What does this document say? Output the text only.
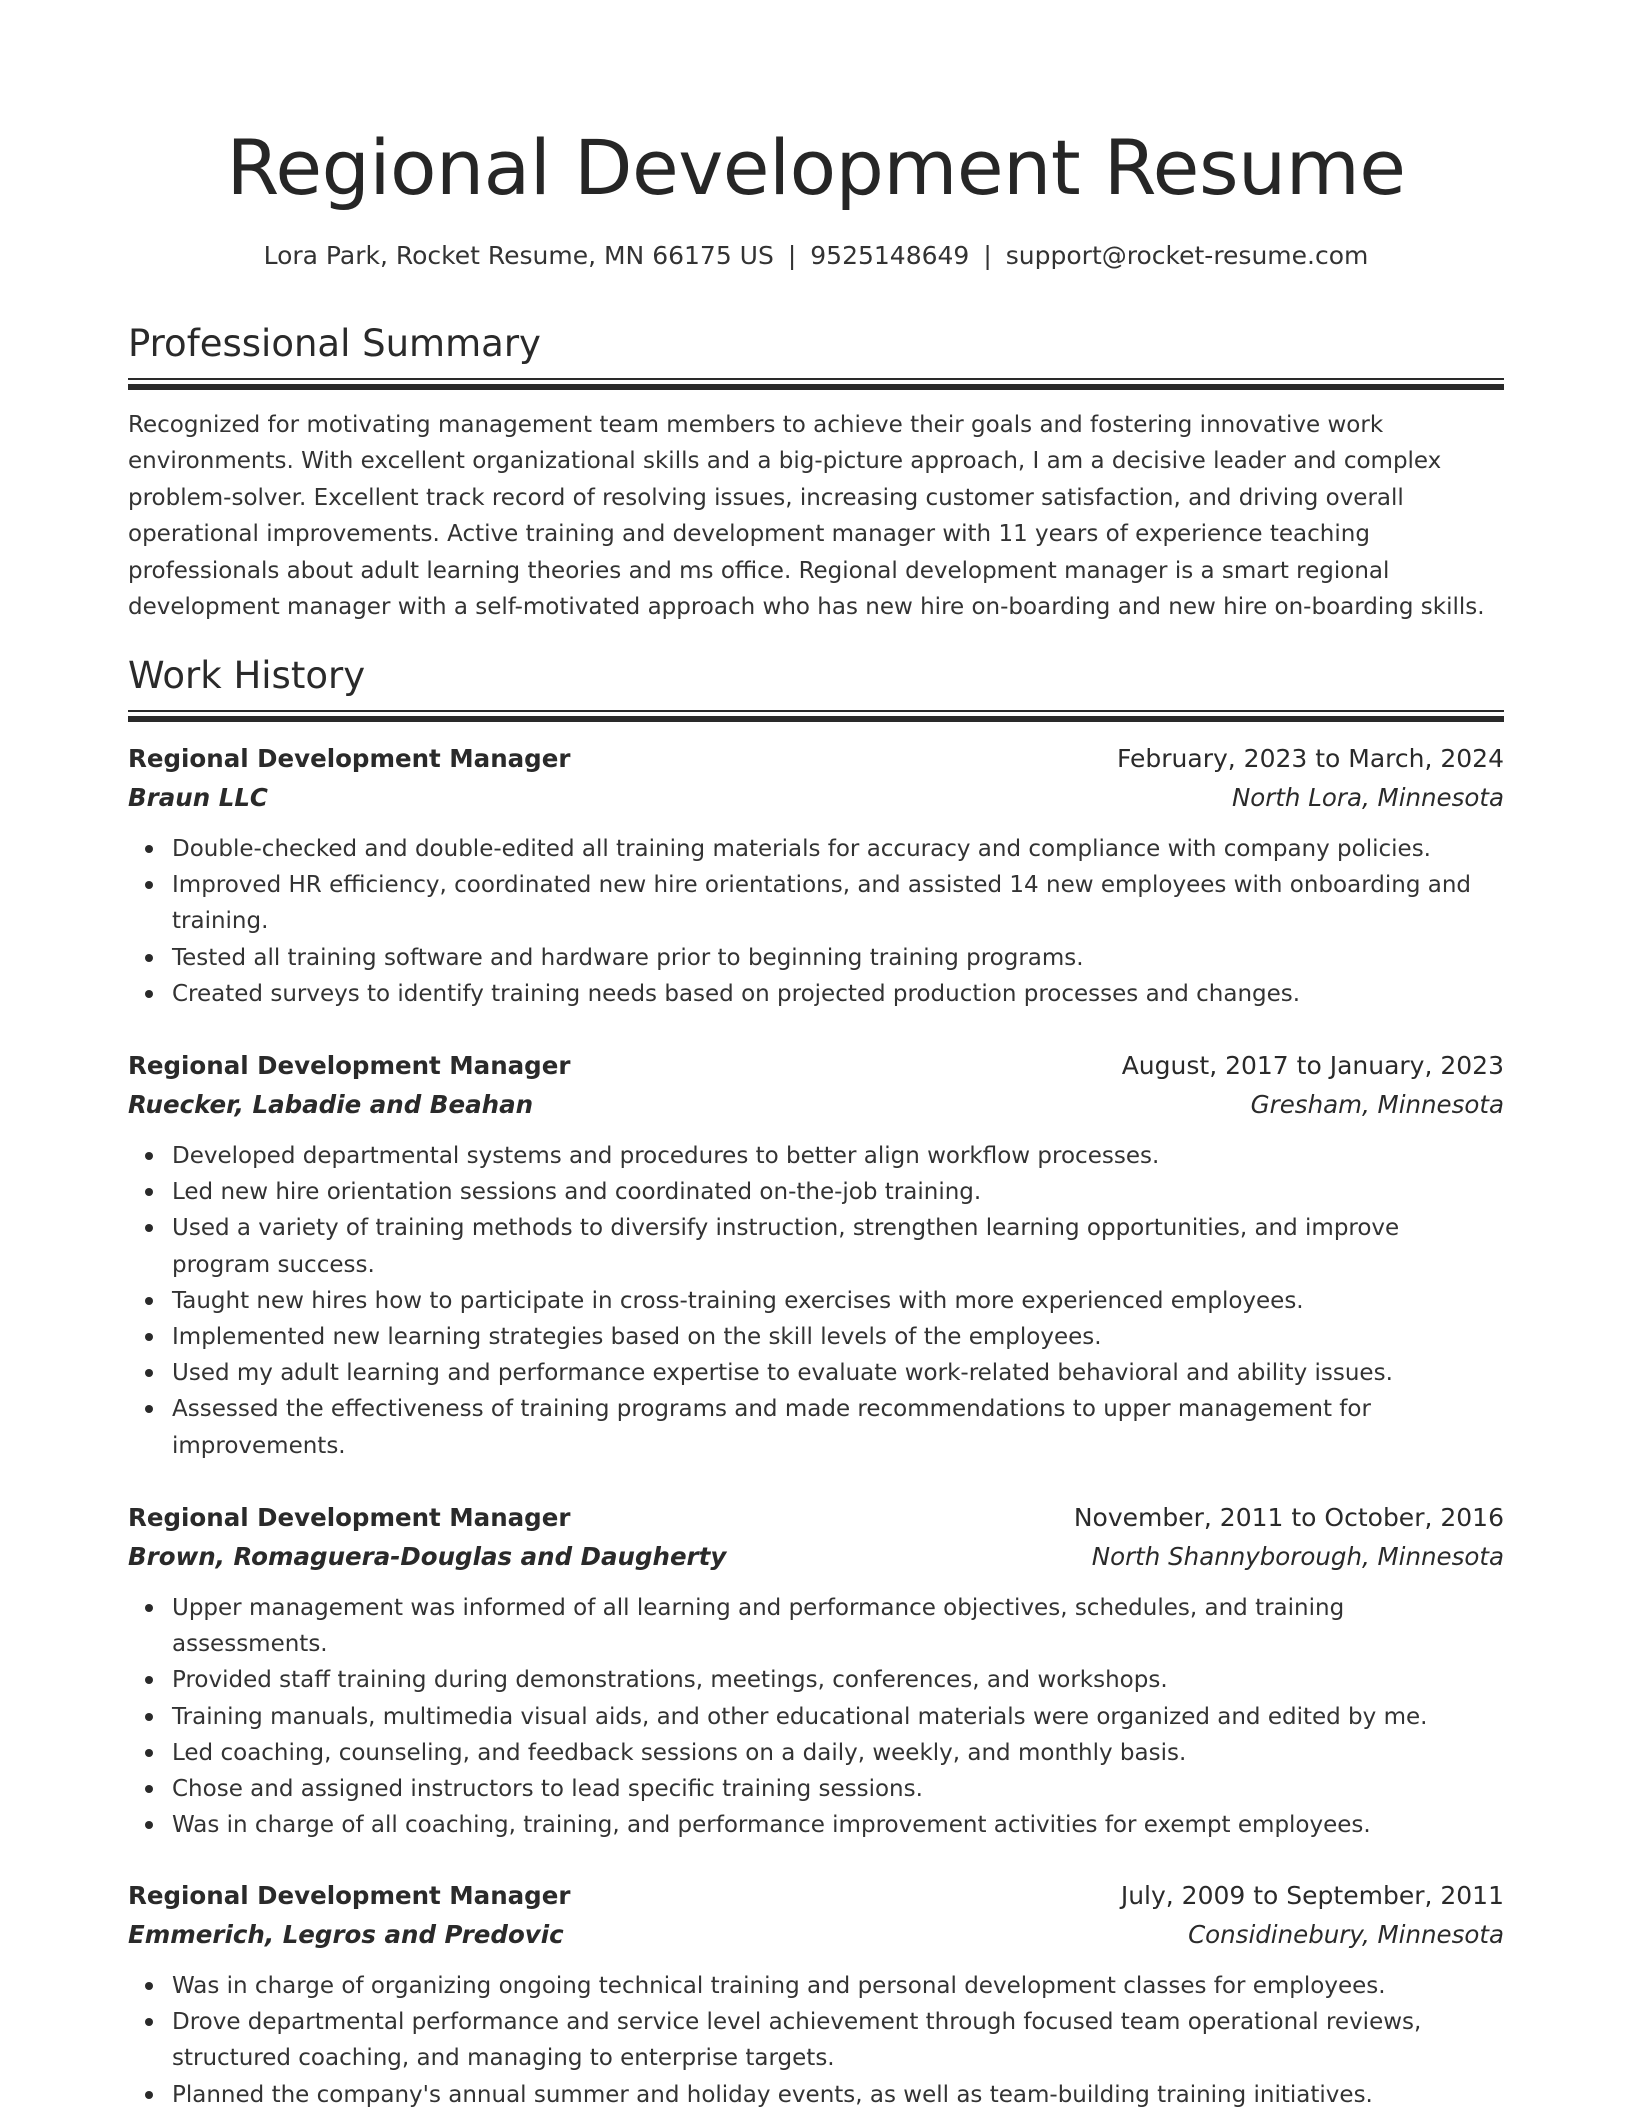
Regional Development Resume
Lora Park, Rocket Resume, MN 66175 US | 9525148649 | support@rocket-resume.com
Professional Summary

Recognized for motivating management team members to achieve their goals and fostering innovative work environments. With excellent organizational skills and a big-picture approach, I am a decisive leader and complex problem-solver. Excellent track record of resolving issues, increasing customer satisfaction, and driving overall operational improvements. Active training and development manager with 11 years of experience teaching professionals about adult learning theories and ms office. Regional development manager is a smart regional development manager with a self-motivated approach who has new hire on-boarding and new hire on-boarding skills.

Work History
Regional Development Manager	February, 2023 to March, 2024
Braun LLC	North Lora, Minnesota
Double-checked and double-edited all training materials for accuracy and compliance with company policies.
Improved HR efficiency, coordinated new hire orientations, and assisted 14 new employees with onboarding and training.
Tested all training software and hardware prior to beginning training programs.
Created surveys to identify training needs based on projected production processes and changes.
Regional Development Manager	August, 2017 to January, 2023
Ruecker, Labadie and Beahan	Gresham, Minnesota
Developed departmental systems and procedures to better align workflow processes.
Led new hire orientation sessions and coordinated on-the-job training.
Used a variety of training methods to diversify instruction, strengthen learning opportunities, and improve program success.
Taught new hires how to participate in cross-training exercises with more experienced employees.
Implemented new learning strategies based on the skill levels of the employees.
Used my adult learning and performance expertise to evaluate work-related behavioral and ability issues.
Assessed the effectiveness of training programs and made recommendations to upper management for improvements.
Regional Development Manager	November, 2011 to October, 2016
Brown, Romaguera-Douglas and Daugherty	North Shannyborough, Minnesota
Upper management was informed of all learning and performance objectives, schedules, and training assessments.
Provided staff training during demonstrations, meetings, conferences, and workshops.
Training manuals, multimedia visual aids, and other educational materials were organized and edited by me.
Led coaching, counseling, and feedback sessions on a daily, weekly, and monthly basis.
Chose and assigned instructors to lead specific training sessions.
Was in charge of all coaching, training, and performance improvement activities for exempt employees.
Regional Development Manager	July, 2009 to September, 2011
Emmerich, Legros and Predovic	Considinebury, Minnesota
Was in charge of organizing ongoing technical training and personal development classes for employees.
Drove departmental performance and service level achievement through focused team operational reviews, structured coaching, and managing to enterprise targets.
Planned the company's annual summer and holiday events, as well as team-building training initiatives.
